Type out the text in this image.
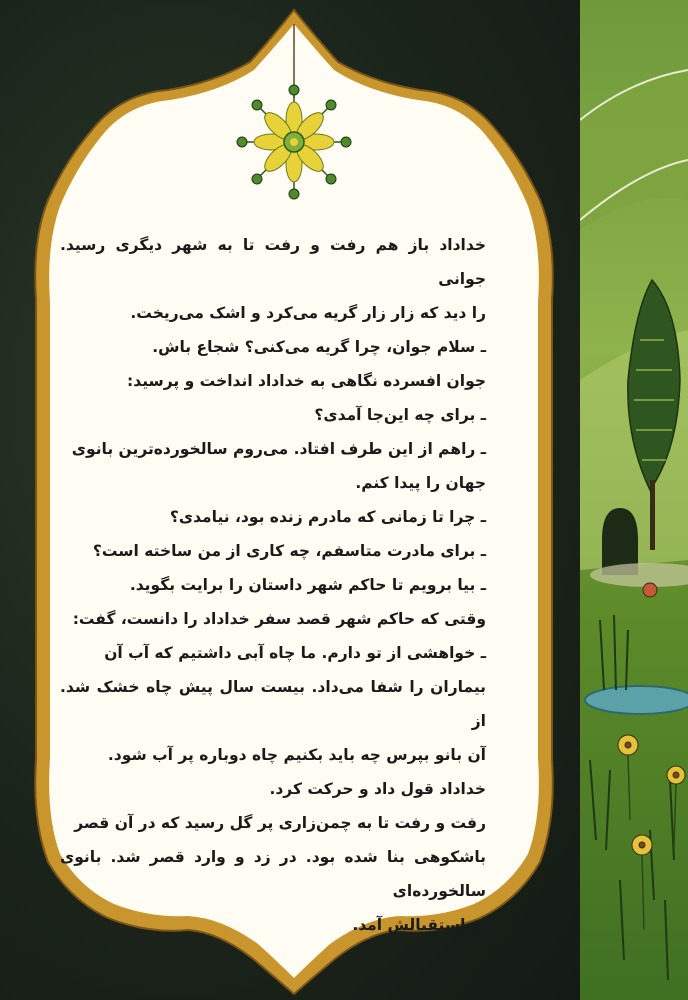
خداداد باز هم رفت و رفت تا به شهر دیگری رسید. جوانی

را دید که زار زار گریه می‌کرد و اشک می‌ریخت.

ـ سلام جوان، چرا گریه می‌کنی؟ شجاع باش.

جوان افسرده نگاهی به خداداد انداخت و پرسید:

ـ برای چه این‌جا آمدی؟

ـ راهم از این طرف افتاد. می‌روم سالخورده‌ترین بانوی

جهان را پیدا کنم.

ـ چرا تا زمانی که مادرم زنده بود، نیامدی؟

ـ برای مادرت متاسفم، چه کاری از من ساخته است؟

ـ بیا برویم تا حاکم شهر داستان را برایت بگوید.

وقتی که حاکم شهر قصد سفر خداداد را دانست، گفت:

ـ خواهشی از تو دارم. ما چاه آبی داشتیم که آب آن

بیماران را شفا می‌داد. بیست سال پیش چاه خشک شد. از

آن بانو بپرس چه باید بکنیم چاه دوباره پر آب شود.

خداداد قول داد و حرکت کرد.

رفت و رفت تا به چمن‌زاری پر گل رسید که در آن قصر

باشکوهی بنا شده بود. در زد و وارد قصر شد. بانوی سالخورده‌ای

به استقبالش آمد.
